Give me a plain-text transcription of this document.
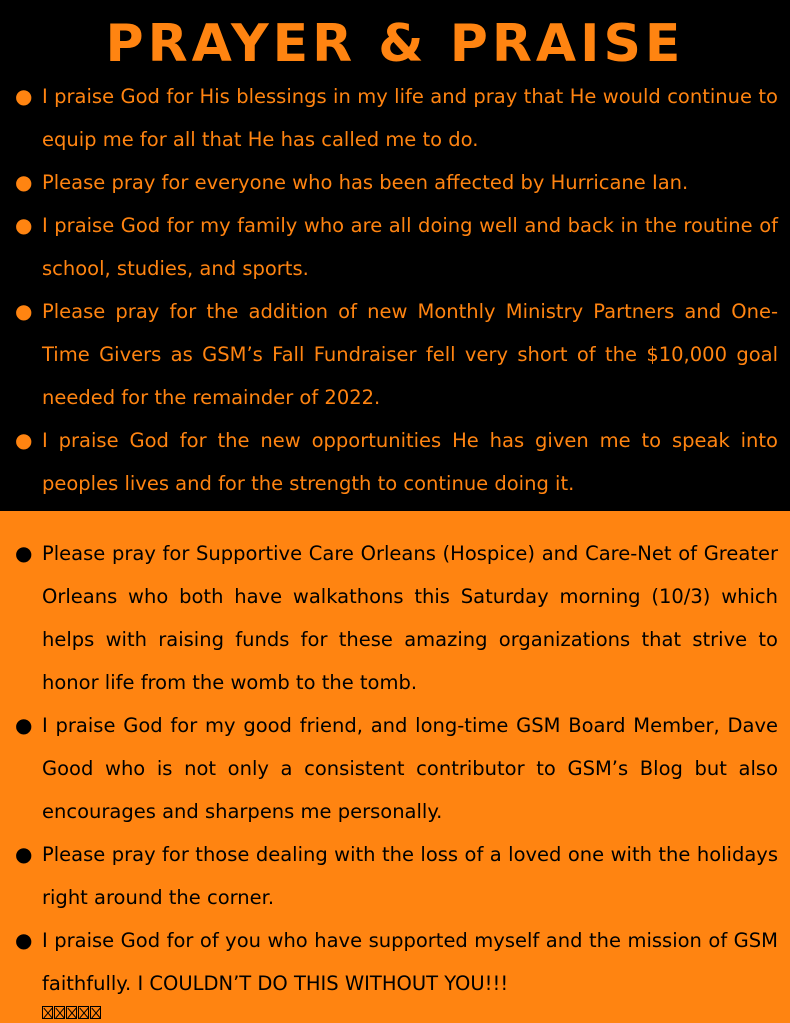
PRAYER & PRAISE
● I praise God for His blessings in my life and pray that He would continue to equip me for all that He has called me to do.
● Please pray for everyone who has been affected by Hurricane Ian.
● I praise God for my family who are all doing well and back in the routine of school, studies, and sports.
● Please pray for the addition of new Monthly Ministry Partners and One-Time Givers as GSM’s Fall Fundraiser fell very short of the $10,000 goal needed for the remainder of 2022.
● I praise God for the new opportunities He has given me to speak into peoples lives and for the strength to continue doing it.
● Please pray for Supportive Care Orleans (Hospice) and Care-Net of Greater Orleans who both have walkathons this Saturday morning (10/3) which helps with raising funds for these amazing organizations that strive to honor life from the womb to the tomb.
● I praise God for my good friend, and long-time GSM Board Member, Dave Good who is not only a consistent contributor to GSM’s Blog but also encourages and sharpens me personally.
● Please pray for those dealing with the loss of a loved one with the holidays right around the corner.
● I praise God for of you who have supported myself and the mission of GSM faithfully. I COULDN’T DO THIS WITHOUT YOU!!!
